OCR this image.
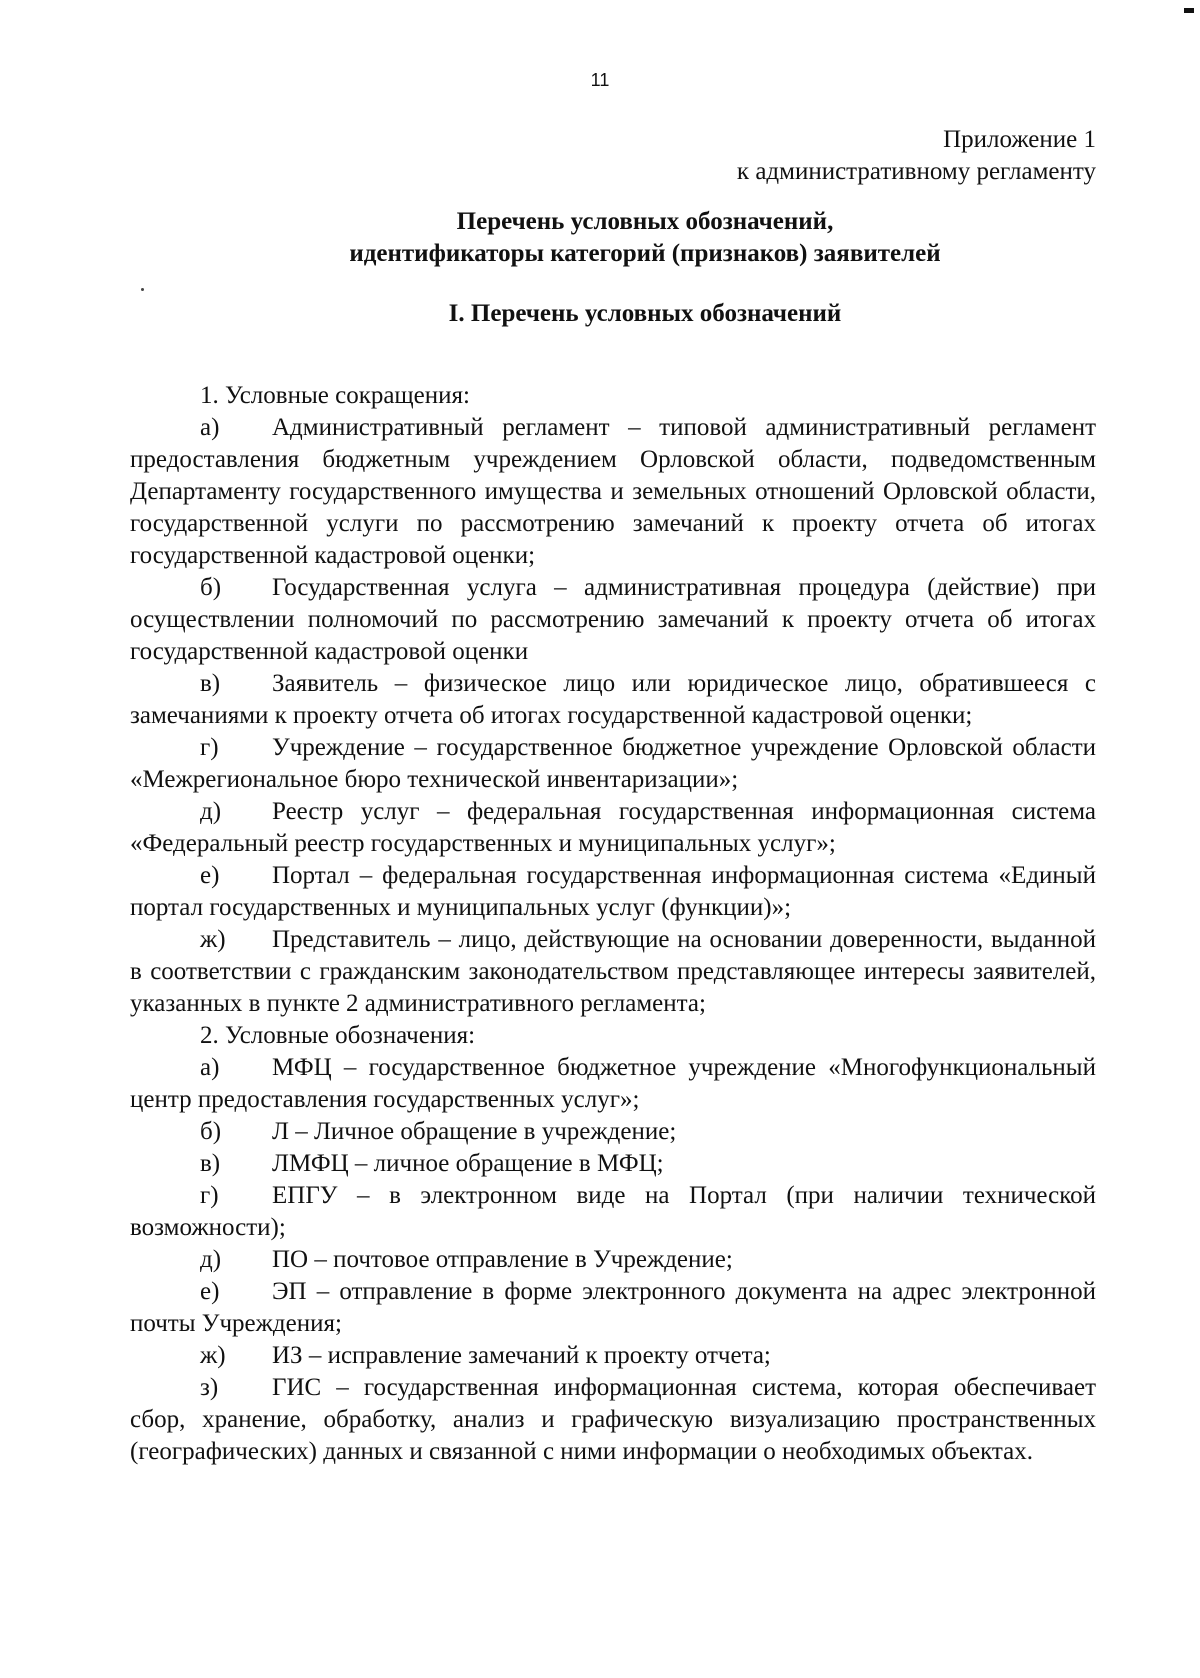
11
Приложение 1
к административному регламенту
Перечень условных обозначений,
идентификаторы категорий (признаков) заявителей
I. Перечень условных обозначений

1. Условные сокращения:

а) Административный регламент – типовой административный регламент предоставления бюджетным учреждением Орловской области, подведомственным Департаменту государственного имущества и земельных отношений Орловской области, государственной услуги по рассмотрению замечаний к проекту отчета об итогах государственной кадастровой оценки;

б) Государственная услуга – административная процедура (действие) при осуществлении полномочий по рассмотрению замечаний к проекту отчета об итогах государственной кадастровой оценки

в) Заявитель – физическое лицо или юридическое лицо, обратившееся с замечаниями к проекту отчета об итогах государственной кадастровой оценки;

г) Учреждение – государственное бюджетное учреждение Орловской области «Межрегиональное бюро технической инвентаризации»;

д) Реестр услуг – федеральная государственная информационная система «Федеральный реестр государственных и муниципальных услуг»;

е) Портал – федеральная государственная информационная система «Единый портал государственных и муниципальных услуг (функции)»;

ж) Представитель – лицо, действующие на основании доверенности, выданной в соответствии с гражданским законодательством представляющее интересы заявителей, указанных в пункте 2 административного регламента;

2. Условные обозначения:

а) МФЦ – государственное бюджетное учреждение «Многофункциональный центр предоставления государственных услуг»;

б) Л – Личное обращение в учреждение;

в) ЛМФЦ – личное обращение в МФЦ;

г) ЕПГУ – в электронном виде на Портал (при наличии технической возможности);

д) ПО – почтовое отправление в Учреждение;

е) ЭП – отправление в форме электронного документа на адрес электронной почты Учреждения;

ж) ИЗ – исправление замечаний к проекту отчета;

з) ГИС – государственная информационная система, которая обеспечивает сбор, хранение, обработку, анализ и графическую визуализацию пространственных (географических) данных и связанной с ними информации о необходимых объектах.
